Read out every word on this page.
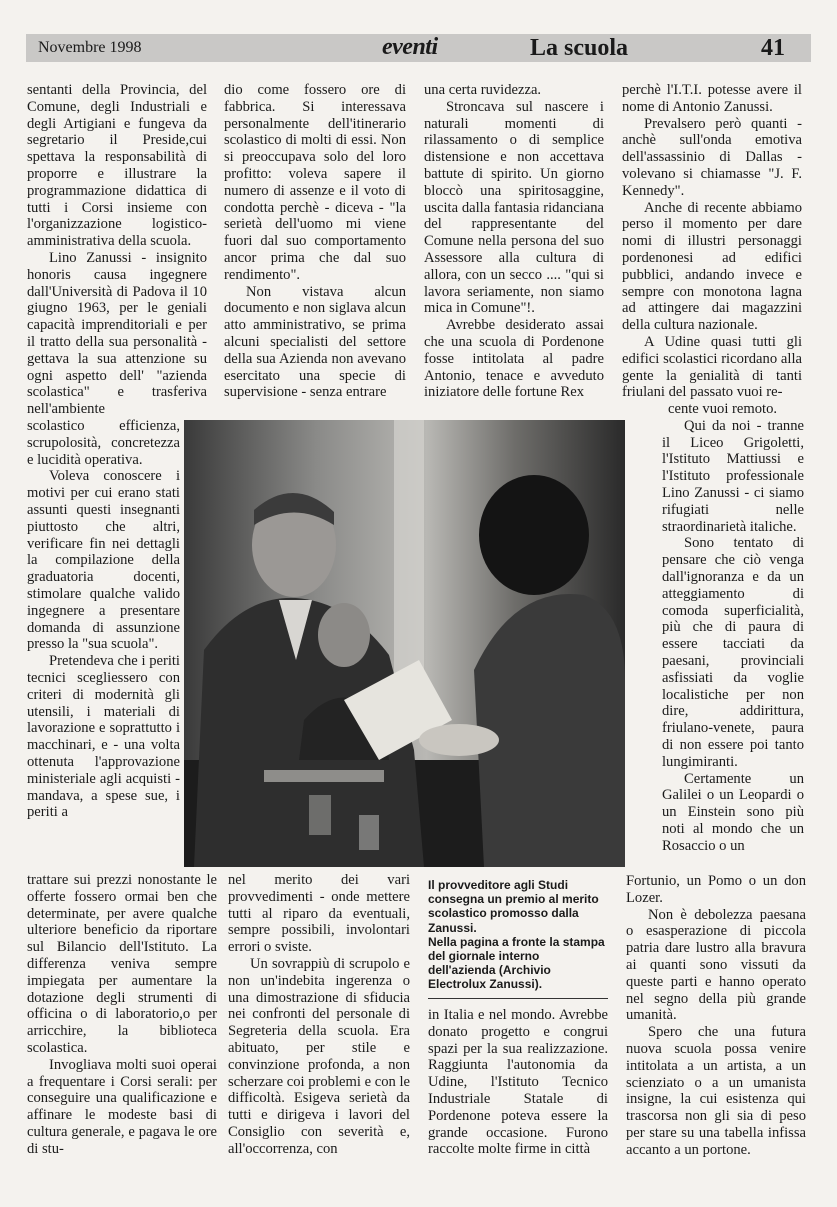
Novembre 1998	eventi	La scuola	41

sentanti della Provincia, del Comune, degli Industriali e degli Artigiani e fungeva da segretario il Preside,cui spettava la responsabilità di proporre e illustrare la programmazione didattica di tutti i Corsi insieme con l'organizzazione logistico-amministrativa della scuola.

Lino Zanussi - insignito honoris causa ingegnere dall'Università di Padova il 10 giugno 1963, per le geniali capacità imprenditoriali e per il tratto della sua personalità - gettava la sua attenzione su ogni aspetto dell' "azienda scolastica" e trasferiva nell'ambiente

scolastico efficienza, scrupolosità, concretezza e lucidità operativa.

Voleva conoscere i motivi per cui erano stati assunti questi insegnanti piuttosto che altri, verificare fin nei dettagli la compilazione della graduatoria docenti, stimolare qualche valido ingegnere a presentare domanda di assunzione presso la "sua scuola".

Pretendeva che i periti tecnici scegliessero con criteri di modernità gli utensili, i materiali di lavorazione e soprattutto i macchinari, e - una volta ottenuta l'approvazione ministeriale agli acquisti - mandava, a spese sue, i periti a

trattare sui prezzi nonostante le offerte fossero ormai ben che determinate, per avere qualche ulteriore beneficio da riportare sul Bilancio dell'Istituto. La differenza veniva sempre impiegata per aumentare la dotazione degli strumenti di officina o di laboratorio,o per arricchire, la biblioteca scolastica.

Invogliava molti suoi operai a frequentare i Corsi serali: per conseguire una qualificazione e affinare le modeste basi di cultura generale, e pagava le ore di stu-

dio come fossero ore di fabbrica. Si interessava personalmente dell'itinerario scolastico di molti di essi. Non si preoccupava solo del loro profitto: voleva sapere il numero di assenze e il voto di condotta perchè - diceva - "la serietà dell'uomo mi viene fuori dal suo comportamento ancor prima che dal suo rendimento".

Non vistava alcun documento e non siglava alcun atto amministrativo, se prima alcuni specialisti del settore della sua Azienda non avevano esercitato una specie di supervisione - senza entrare

nel merito dei vari provvedimenti - onde mettere tutti al riparo da eventuali, sempre possibili, involontari errori o sviste.

Un sovrappiù di scrupolo e non un'indebita ingerenza o una dimostrazione di sfiducia nei confronti del personale di Segreteria della scuola. Era abituato, per stile e convinzione profonda, a non scherzare coi problemi e con le difficoltà. Esigeva serietà da tutti e dirigeva i lavori del Consiglio con severità e, all'occorrenza, con

una certa ruvidezza.

Stroncava sul nascere i naturali momenti di rilassamento o di semplice distensione e non accettava battute di spirito. Un giorno bloccò una spiritosaggine, uscita dalla fantasia ridanciana del rappresentante del Comune nella persona del suo Assessore alla cultura di allora, con un secco .... "qui si lavora seriamente, non siamo mica in Comune"!.

Avrebbe desiderato assai che una scuola di Pordenone fosse intitolata al padre Antonio, tenace e avveduto iniziatore delle fortune Rex

Il provveditore agli Studi consegna un premio al merito scolastico promosso dalla Zanussi.

Nella pagina a fronte la stampa del giornale interno dell'azienda (Archivio Electrolux Zanussi).

in Italia e nel mondo. Avrebbe donato progetto e congrui spazi per la sua realizzazione. Raggiunta l'autonomia da Udine, l'Istituto Tecnico Industriale Statale di Pordenone poteva essere la grande occasione. Furono raccolte molte firme in città

perchè l'I.T.I. potesse avere il nome di Antonio Zanussi.

Prevalsero però quanti - anchè sull'onda emotiva dell'assassinio di Dallas - volevano si chiamasse "J. F. Kennedy".

Anche di recente abbiamo perso il momento per dare nomi di illustri personaggi pordenonesi ad edifici pubblici, andando invece e sempre con monotona lagna ad attingere dai magazzini della cultura nazionale.

A Udine quasi tutti gli edifici scolastici ricordano alla gente la genialità di tanti friulani del passato vuoi re-

cente vuoi remoto.

Qui da noi - tranne il Liceo Grigoletti, l'Istituto Mattiussi e l'Istituto professionale Lino Zanussi - ci siamo rifugiati nelle straordinarietà italiche.

Sono tentato di pensare che ciò venga dall'ignoranza e da un atteggiamento di comoda superficialità, più che di paura di essere tacciati da paesani, provinciali asfissiati da voglie localistiche per non dire, addirittura, friulano-venete, paura di non essere poi tanto lungimiranti.

Certamente un Galilei o un Leopardi o un Einstein sono più noti al mondo che un Rosaccio o un

Fortunio, un Pomo o un don Lozer.

Non è debolezza paesana o esasperazione di piccola patria dare lustro alla bravura ai quanti sono vissuti da queste parti e hanno operato nel segno della più grande umanità.

Spero che una futura nuova scuola possa venire intitolata a un artista, a un scienziato o a un umanista insigne, la cui esistenza qui trascorsa non gli sia di peso per stare su una tabella infissa accanto a un portone.
